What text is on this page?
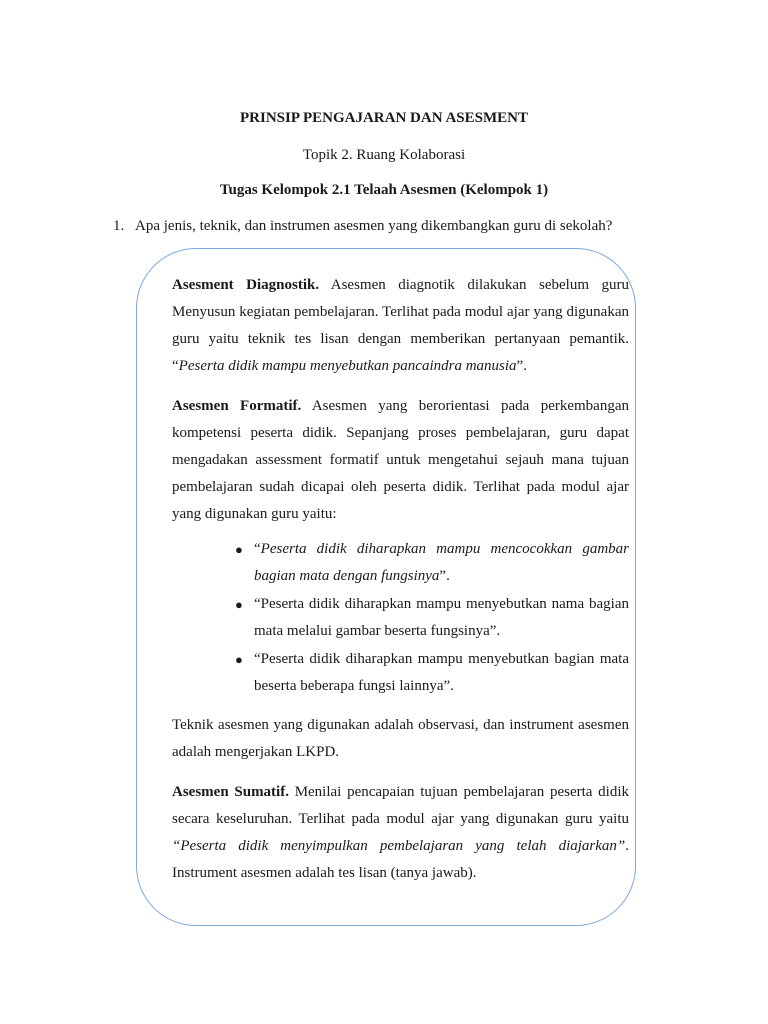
PRINSIP PENGAJARAN DAN ASESMENT

Topik 2. Ruang Kolaborasi

Tugas Kelompok 2.1 Telaah Asesmen (Kelompok 1)

1. Apa jenis, teknik, dan instrumen asesmen yang dikembangkan guru di sekolah?

Asesment Diagnostik. Asesmen diagnotik dilakukan sebelum guru Menyusun kegiatan pembelajaran. Terlihat pada modul ajar yang digunakan guru yaitu teknik tes lisan dengan memberikan pertanyaan pemantik. “Peserta didik mampu menyebutkan pancaindra manusia”.

Asesmen Formatif. Asesmen yang berorientasi pada perkembangan kompetensi peserta didik. Sepanjang proses pembelajaran, guru dapat mengadakan assessment formatif untuk mengetahui sejauh mana tujuan pembelajaran sudah dicapai oleh peserta didik. Terlihat pada modul ajar yang digunakan guru yaitu:

● “Peserta didik diharapkan mampu mencocokkan gambar bagian mata dengan fungsinya”.
● “Peserta didik diharapkan mampu menyebutkan nama bagian mata melalui gambar beserta fungsinya”.
● “Peserta didik diharapkan mampu menyebutkan bagian mata beserta beberapa fungsi lainnya”.

Teknik asesmen yang digunakan adalah observasi, dan instrument asesmen adalah mengerjakan LKPD.

Asesmen Sumatif. Menilai pencapaian tujuan pembelajaran peserta didik secara keseluruhan. Terlihat pada modul ajar yang digunakan guru yaitu “Peserta didik menyimpulkan pembelajaran yang telah diajarkan”. Instrument asesmen adalah tes lisan (tanya jawab).
